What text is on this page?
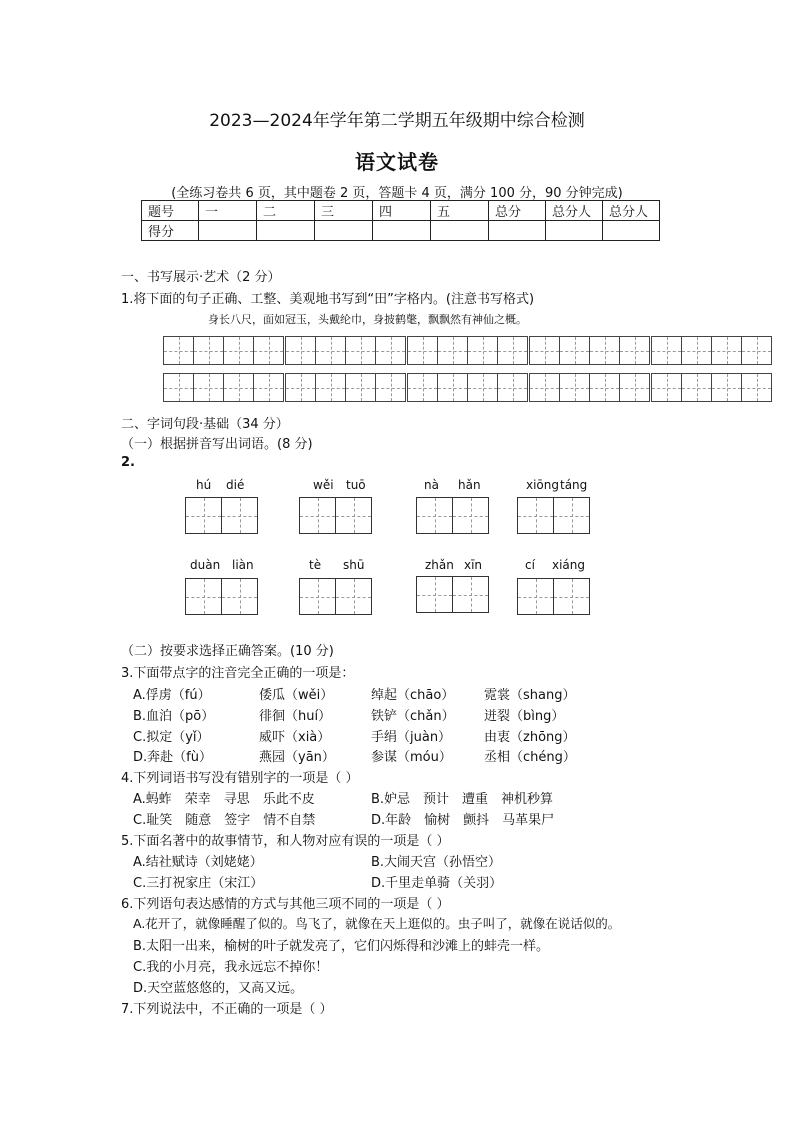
2023—2024年学年第二学期五年级期中综合检测
语文试卷
(全练习卷共 6 页，其中题卷 2 页，答题卡 4 页，满分 100 分，90 分钟完成)
题号	一	二	三	四	五	总分	总分人	总分人
得分								
一、书写展示·艺术（2 分）
1.将下面的句子正确、工整、美观地书写到“田”字格内。(注意书写格式)
身长八尺，面如冠玉，头戴纶巾，身披鹤氅，飘飘然有神仙之概。
二、字词句段·基础（34 分）
（一）根据拼音写出词语。(8 分)
2.
hú dié	wěi tuō	nà hǎn	xiōng táng
duàn liàn	tè shū	zhǎn xīn	cí xiáng
（二）按要求选择正确答案。(10 分)
3.下面带点字的注音完全正确的一项是：
A.俘虏（fú）	倭瓜（wěi）	绰起（chāo） 霓裳（shang）
B.血泊（pō）	徘徊（huí）	铁铲（chǎn） 迸裂（bìng）
C.拟定（yǐ）	威吓（xià）	手绢（juàn）	由衷（zhōng）
D.奔赴（fù）	燕园（yān）	参谋（móu） 丞相（chéng）
4.下列词语书写没有错别字的一项是（ ）
A.蚂蚱　荣幸　寻思　乐此不皮	B.妒忌　预计　遭重　神机秒算
C.耻笑　随意　签字　情不自禁	D.年龄　愉树　颤抖　马革果尸
5.下面名著中的故事情节，和人物对应有误的一项是（ ）
A.结社赋诗（刘姥姥）	B.大闹天宫（孙悟空）
C.三打祝家庄（宋江）	D.千里走单骑（关羽）
6.下列语句表达感情的方式与其他三项不同的一项是（ ）
A.花开了，就像睡醒了似的。鸟飞了，就像在天上逛似的。虫子叫了，就像在说话似的。
B.太阳一出来，榆树的叶子就发亮了，它们闪烁得和沙滩上的蚌壳一样。
C.我的小月亮，我永远忘不掉你！
D.天空蓝悠悠的，又高又远。
7.下列说法中，不正确的一项是（ ）
